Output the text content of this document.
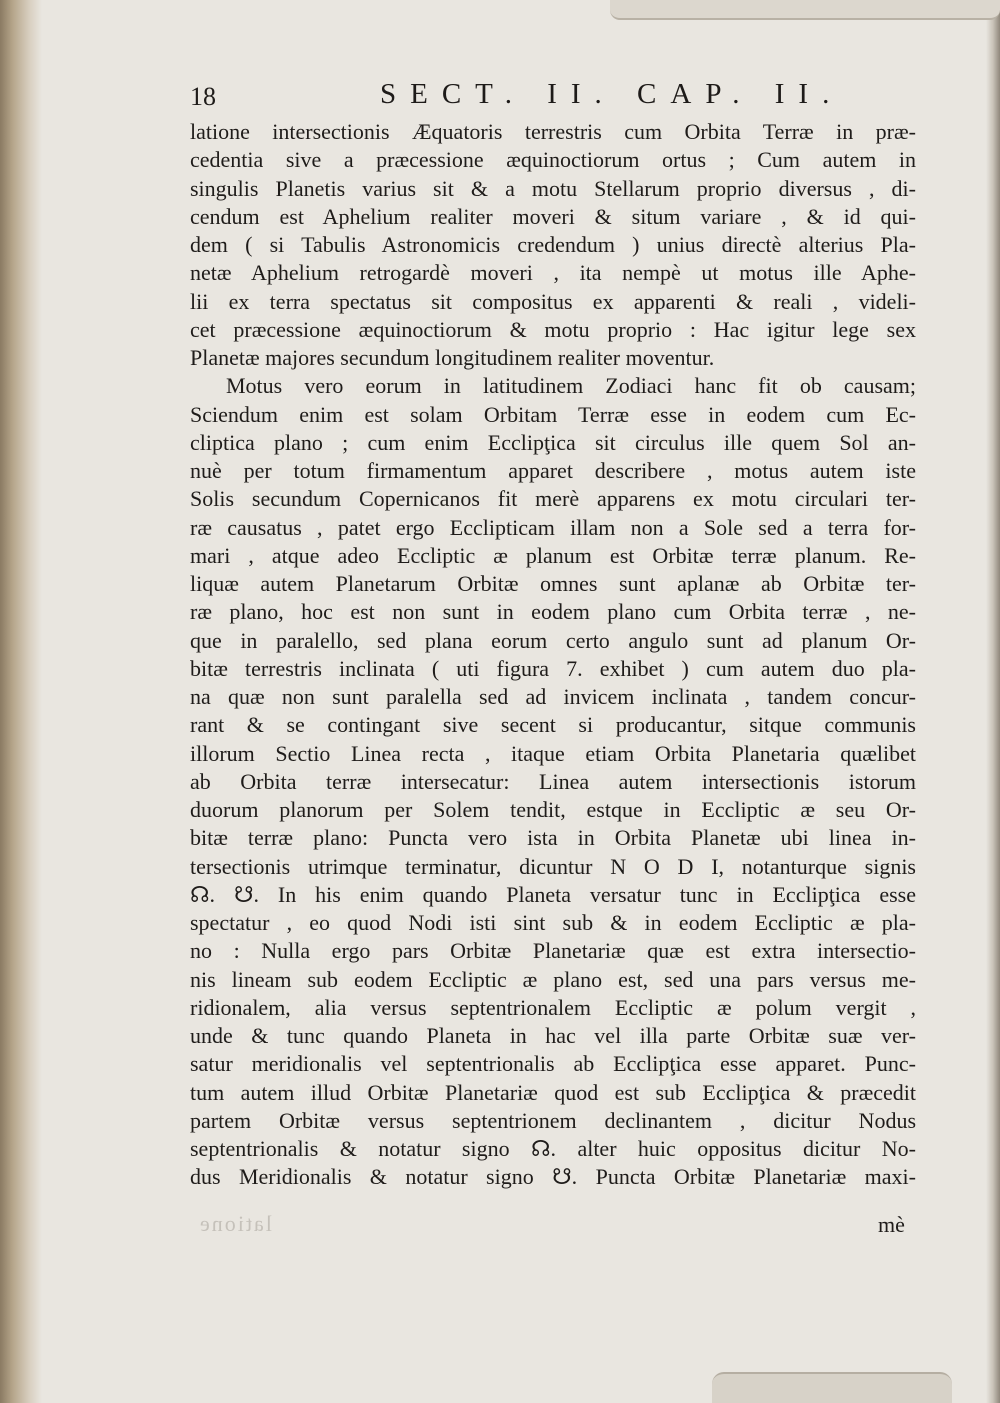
18	SECT. II. CAP. II.
latione intersectionis Æquatoris terrestris cum Orbita Terræ in præ-
cedentia sive a præcessione æquinoctiorum ortus ; Cum autem in
singulis Planetis varius sit & a motu Stellarum proprio diversus , di-
cendum est Aphelium realiter moveri & situm variare , & id qui-
dem ( si Tabulis Astronomicis credendum ) unius directè alterius Pla-
netæ Aphelium retrogardè moveri , ita nempè ut motus ille Aphe-
lii ex terra spectatus sit compositus ex apparenti & reali , videli-
cet præcessione æquinoctiorum & motu proprio : Hac igitur lege sex
Planetæ majores secundum longitudinem realiter moventur.
Motus vero eorum in latitudinem Zodiaci hanc fit ob causam;
Sciendum enim est solam Orbitam Terræ esse in eodem cum Ec-
cliptica plano ; cum enim Ecclipţica sit circulus ille quem Sol an-
nuè per totum firmamentum apparet describere , motus autem iste
Solis secundum Copernicanos fit merè apparens ex motu circulari ter-
ræ causatus , patet ergo Ecclipticam illam non a Sole sed a terra for-
mari , atque adeo Eccliptic æ planum est Orbitæ terræ planum. Re-
liquæ autem Planetarum Orbitæ omnes sunt aplanæ ab Orbitæ ter-
ræ plano, hoc est non sunt in eodem plano cum Orbita terræ , ne-
que in paralello, sed plana eorum certo angulo sunt ad planum Or-
bitæ terrestris inclinata ( uti figura 7. exhibet ) cum autem duo pla-
na quæ non sunt paralella sed ad invicem inclinata , tandem concur-
rant & se contingant sive secent si producantur, sitque communis
illorum Sectio Linea recta , itaque etiam Orbita Planetaria quælibet
ab Orbita terræ intersecatur: Linea autem intersectionis istorum
duorum planorum per Solem tendit, estque in Eccliptic æ seu Or-
bitæ terræ plano: Puncta vero ista in Orbita Planetæ ubi linea in-
tersectionis utrimque terminatur, dicuntur N O D I, notanturque signis
☊. ☋. In his enim quando Planeta versatur tunc in Ecclipţica esse
spectatur , eo quod Nodi isti sint sub & in eodem Eccliptic æ pla-
no : Nulla ergo pars Orbitæ Planetariæ quæ est extra intersectio-
nis lineam sub eodem Eccliptic æ plano est, sed una pars versus me-
ridionalem, alia versus septentrionalem Eccliptic æ polum vergit ,
unde & tunc quando Planeta in hac vel illa parte Orbitæ suæ ver-
satur meridionalis vel septentrionalis ab Ecclipţica esse apparet. Punc-
tum autem illud Orbitæ Planetariæ quod est sub Ecclipţica & præcedit
partem Orbitæ versus septentrionem declinantem , dicitur Nodus
septentrionalis & notatur signo ☊. alter huic oppositus dicitur No-
dus Meridionalis & notatur signo ☋. Puncta Orbitæ Planetariæ maxi-
latione	mè
